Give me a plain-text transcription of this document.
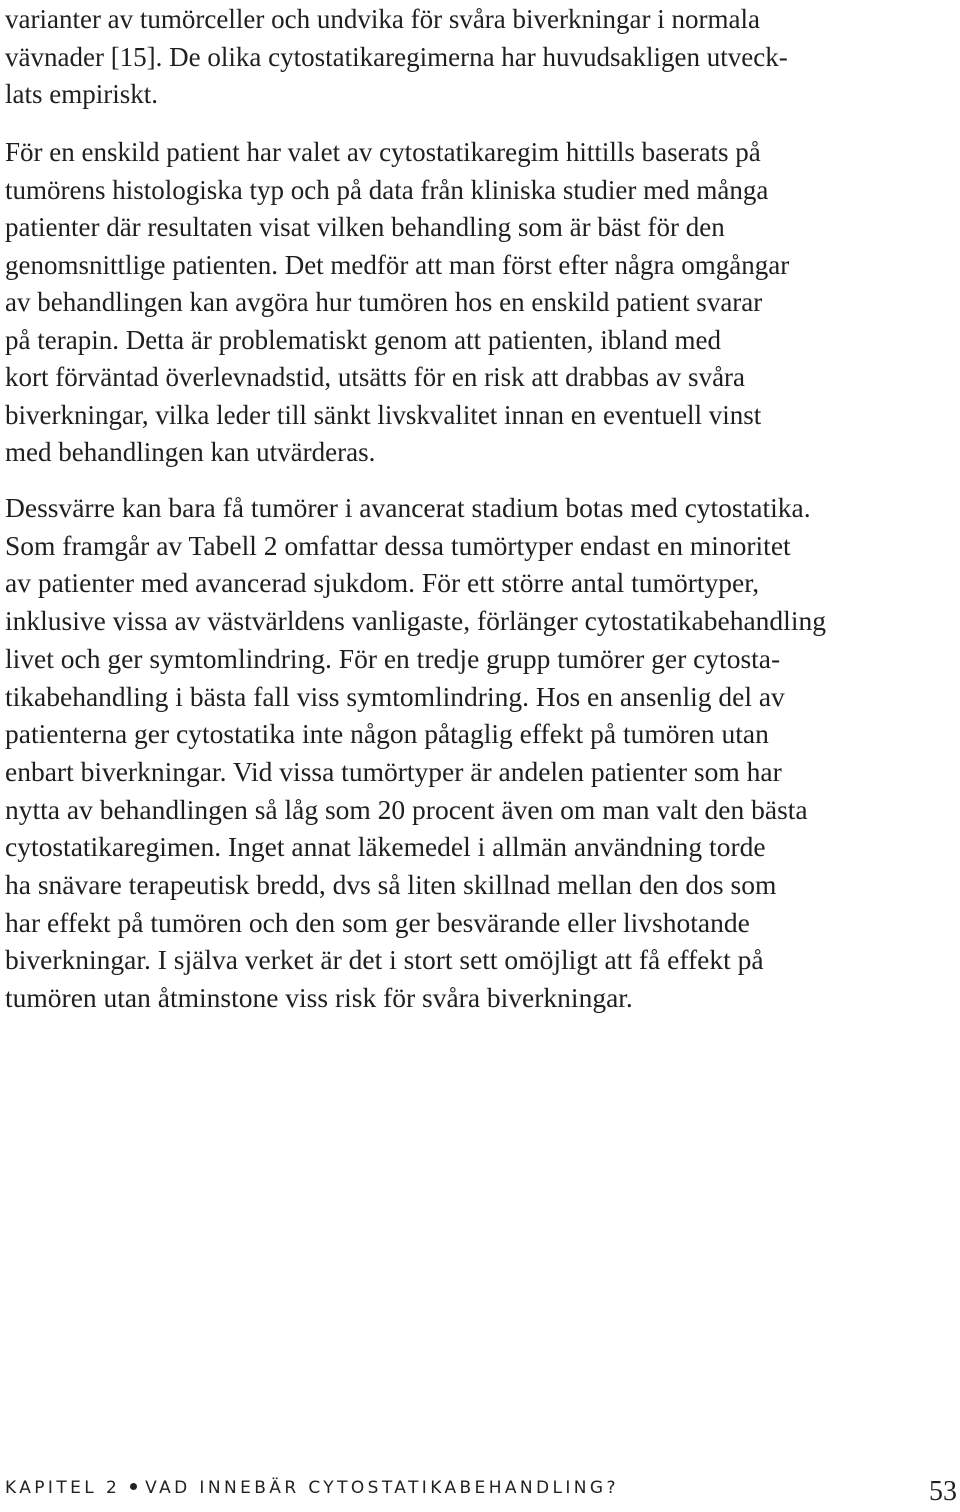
varianter av tumörceller och undvika för svåra biverkningar i normala
vävnader [15]. De olika cytostatikaregimerna har huvudsakligen utveck-
lats empiriskt.

För en enskild patient har valet av cytostatikaregim hittills baserats på
tumörens histologiska typ och på data från kliniska studier med många
patienter där resultaten visat vilken behandling som är bäst för den
genomsnittlige patienten. Det medför att man först efter några omgångar
av behandlingen kan avgöra hur tumören hos en enskild patient svarar
på terapin. Detta är problematiskt genom att patienten, ibland med
kort förväntad överlevnadstid, utsätts för en risk att drabbas av svåra
biverkningar, vilka leder till sänkt livskvalitet innan en eventuell vinst
med behandlingen kan utvärderas.

Dessvärre kan bara få tumörer i avancerat stadium botas med cytostatika.
Som framgår av Tabell 2 omfattar dessa tumörtyper endast en minoritet
av patienter med avancerad sjukdom. För ett större antal tumörtyper,
inklusive vissa av västvärldens vanligaste, förlänger cytostatikabehandling
livet och ger symtomlindring. För en tredje grupp tumörer ger cytosta-
tikabehandling i bästa fall viss symtomlindring. Hos en ansenlig del av
patienterna ger cytostatika inte någon påtaglig effekt på tumören utan
enbart biverkningar. Vid vissa tumörtyper är andelen patienter som har
nytta av behandlingen så låg som 20 procent även om man valt den bästa
cytostatikaregimen. Inget annat läkemedel i allmän användning torde
ha snävare terapeutisk bredd, dvs så liten skillnad mellan den dos som
har effekt på tumören och den som ger besvärande eller livshotande
biverkningar. I själva verket är det i stort sett omöjligt att få effekt på
tumören utan åtminstone viss risk för svåra biverkningar.

KAPITEL 2 VAD INNEBÄR CYTOSTATIKABEHANDLING?	53
